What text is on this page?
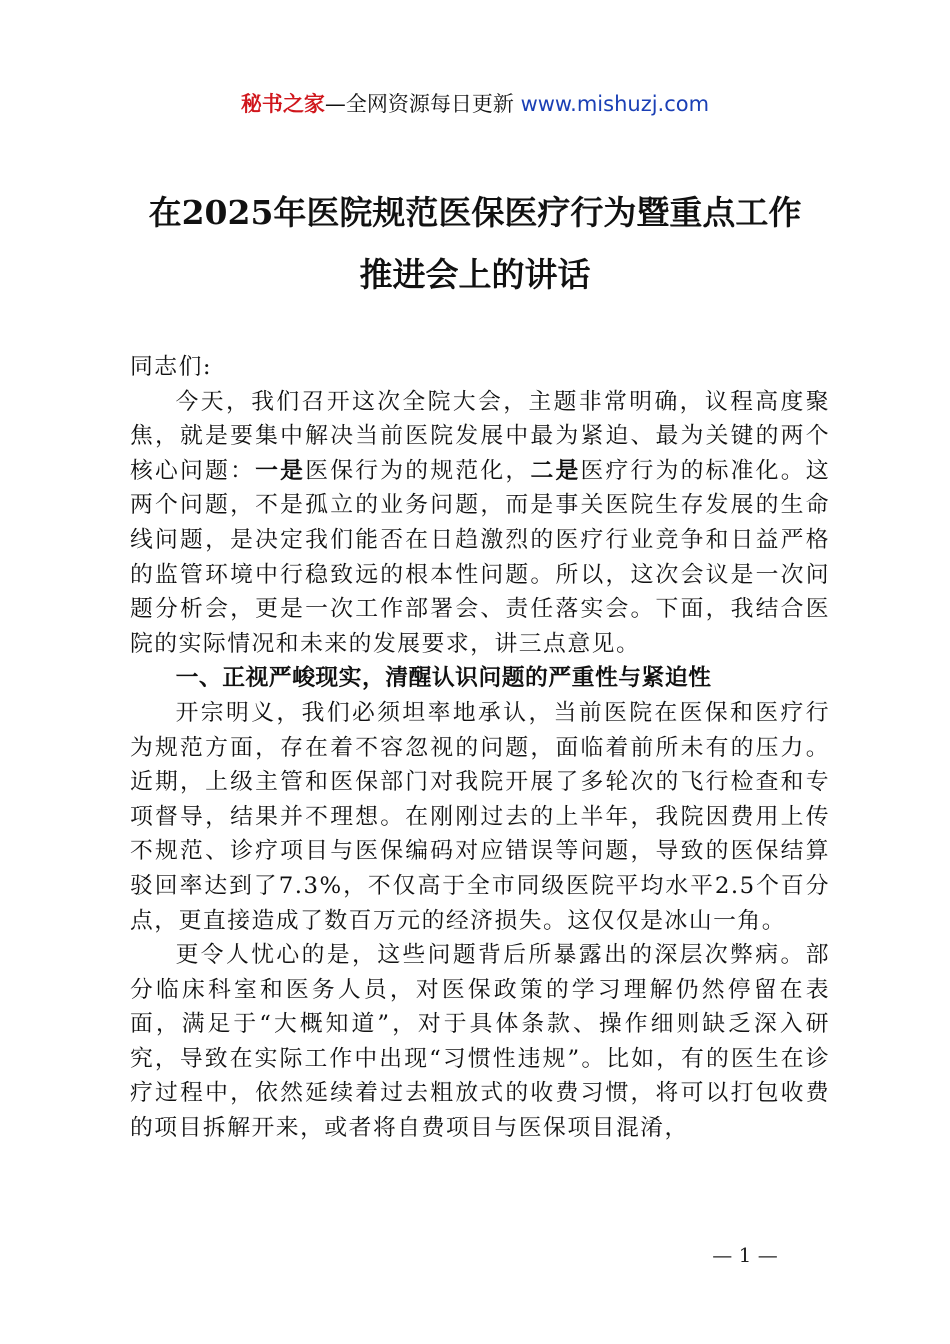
秘书之家—全网资源每日更新 www.mishuzj.com
在2025年医院规范医保医疗行为暨重点工作
推进会上的讲话

同志们:

今天，我们召开这次全院大会，主题非常明确，议程高度聚焦，就是要集中解决当前医院发展中最为紧迫、最为关键的两个核心问题：一是医保行为的规范化，二是医疗行为的标准化。这两个问题，不是孤立的业务问题，而是事关医院生存发展的生命线问题，是决定我们能否在日趋激烈的医疗行业竞争和日益严格的监管环境中行稳致远的根本性问题。所以，这次会议是一次问题分析会，更是一次工作部署会、责任落实会。下面，我结合医院的实际情况和未来的发展要求，讲三点意见。

一、正视严峻现实，清醒认识问题的严重性与紧迫性

开宗明义，我们必须坦率地承认，当前医院在医保和医疗行为规范方面，存在着不容忽视的问题，面临着前所未有的压力。近期，上级主管和医保部门对我院开展了多轮次的飞行检查和专项督导，结果并不理想。在刚刚过去的上半年，我院因费用上传不规范、诊疗项目与医保编码对应错误等问题，导致的医保结算驳回率达到了7.3%，不仅高于全市同级医院平均水平2.5个百分点，更直接造成了数百万元的经济损失。这仅仅是冰山一角。

更令人忧心的是，这些问题背后所暴露出的深层次弊病。部分临床科室和医务人员，对医保政策的学习理解仍然停留在表面，满足于“大概知道”，对于具体条款、操作细则缺乏深入研究，导致在实际工作中出现“习惯性违规”。比如，有的医生在诊疗过程中，依然延续着过去粗放式的收费习惯，将可以打包收费的项目拆解开来，或者将自费项目与医保项目混淆，

— 1 —
